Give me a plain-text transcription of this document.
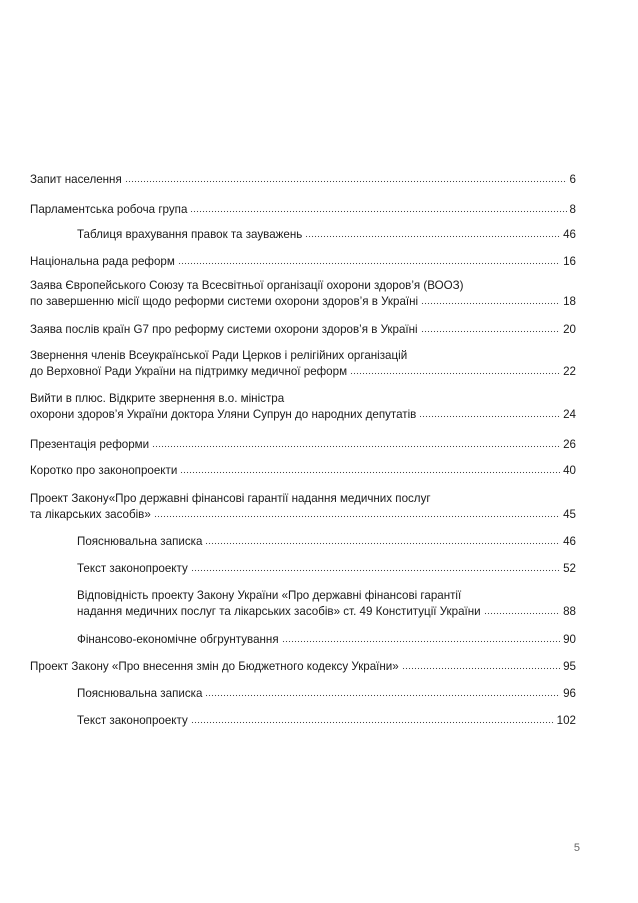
Запит населення	6
Парламентська робоча група	8
Таблиця врахування правок та зауважень	46
Національна рада реформ	16
Заява Європейського Союзу та Всесвітньої організації охорони здоров’я (ВООЗ)
по завершенню місії щодо реформи системи охорони здоров’я в Україні	18
Заява послів країн G7 про реформу системи охорони здоров’я в Україні	20
Звернення членів Всеукраїнської Ради Церков і релігійних організацій
до Верховної Ради України на підтримку медичної реформ	22
Вийти в плюс. Відкрите звернення в.о. міністра
охорони здоров’я України доктора Уляни Супрун до народних депутатів	24
Презентація реформи	26
Коротко про законопроекти	40
Проект Закону«Про державні фінансові гарантії надання медичних послуг
та лікарських засобів»	45
Пояснювальна записка	46
Текст законопроекту	52
Відповідність проекту Закону України «Про державні фінансові гарантії
надання медичних послуг та лікарських засобів» ст. 49 Конституції України	88
Фінансово-економічне обгрунтування	90
Проект Закону «Про внесення змін до Бюджетного кодексу України»	95
Пояснювальна записка	96
Текст законопроекту	102
5
